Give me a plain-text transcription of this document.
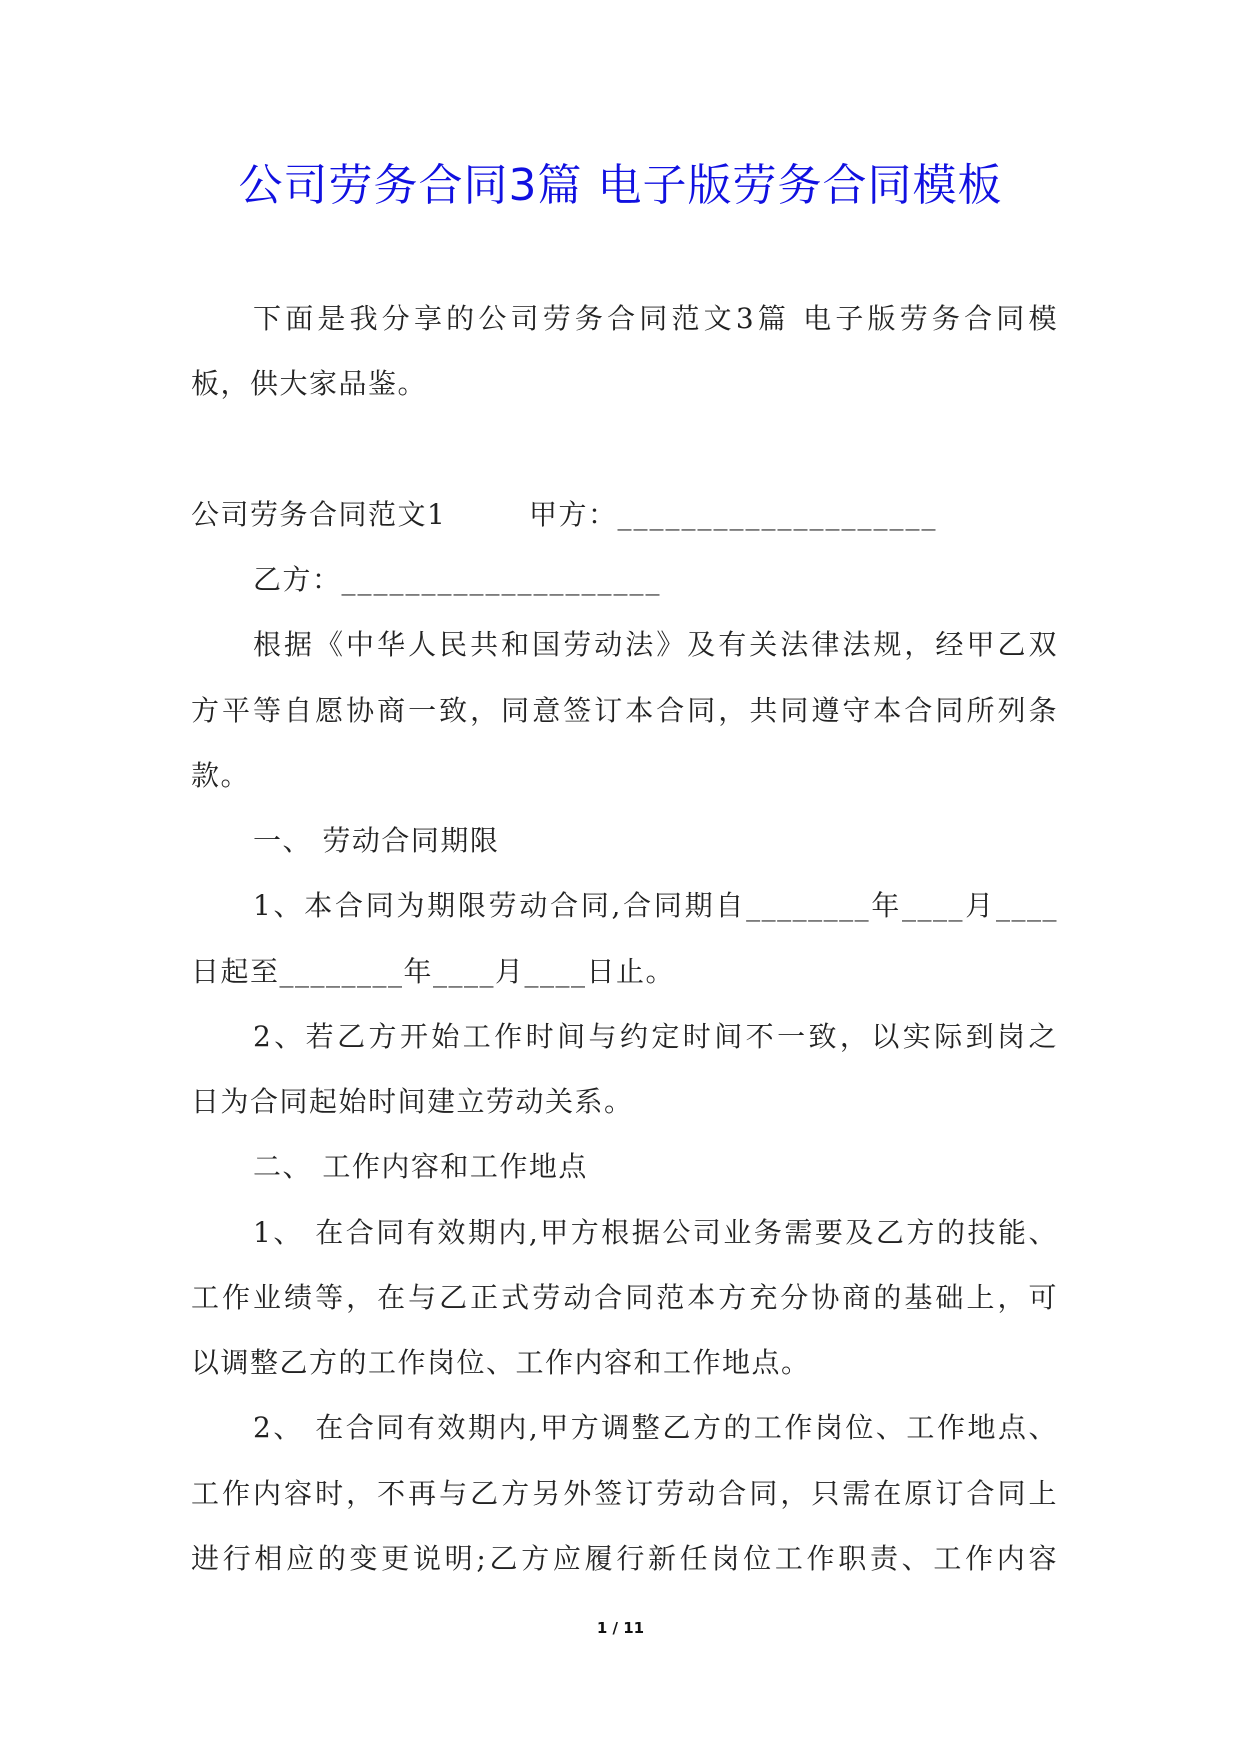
公司劳务合同3篇 电子版劳务合同模板
下面是我分享的公司劳务合同范文3篇 电子版劳务合同模
板，供大家品鉴。
公司劳务合同范文1	甲方：____________________
乙方：____________________
根据《中华人民共和国劳动法》及有关法律法规，经甲乙双
方平等自愿协商一致，同意签订本合同，共同遵守本合同所列条
款。
一、 劳动合同期限
1、本合同为期限劳动合同,合同期自________年____月____
日起至________年____月____日止。
2、若乙方开始工作时间与约定时间不一致，以实际到岗之
日为合同起始时间建立劳动关系。
二、 工作内容和工作地点
1、 在合同有效期内,甲方根据公司业务需要及乙方的技能、
工作业绩等，在与乙正式劳动合同范本方充分协商的基础上，可
以调整乙方的工作岗位、工作内容和工作地点。
2、 在合同有效期内,甲方调整乙方的工作岗位、工作地点、
工作内容时，不再与乙方另外签订劳动合同，只需在原订合同上
进行相应的变更说明;乙方应履行新任岗位工作职责、工作内容
1 / 11
